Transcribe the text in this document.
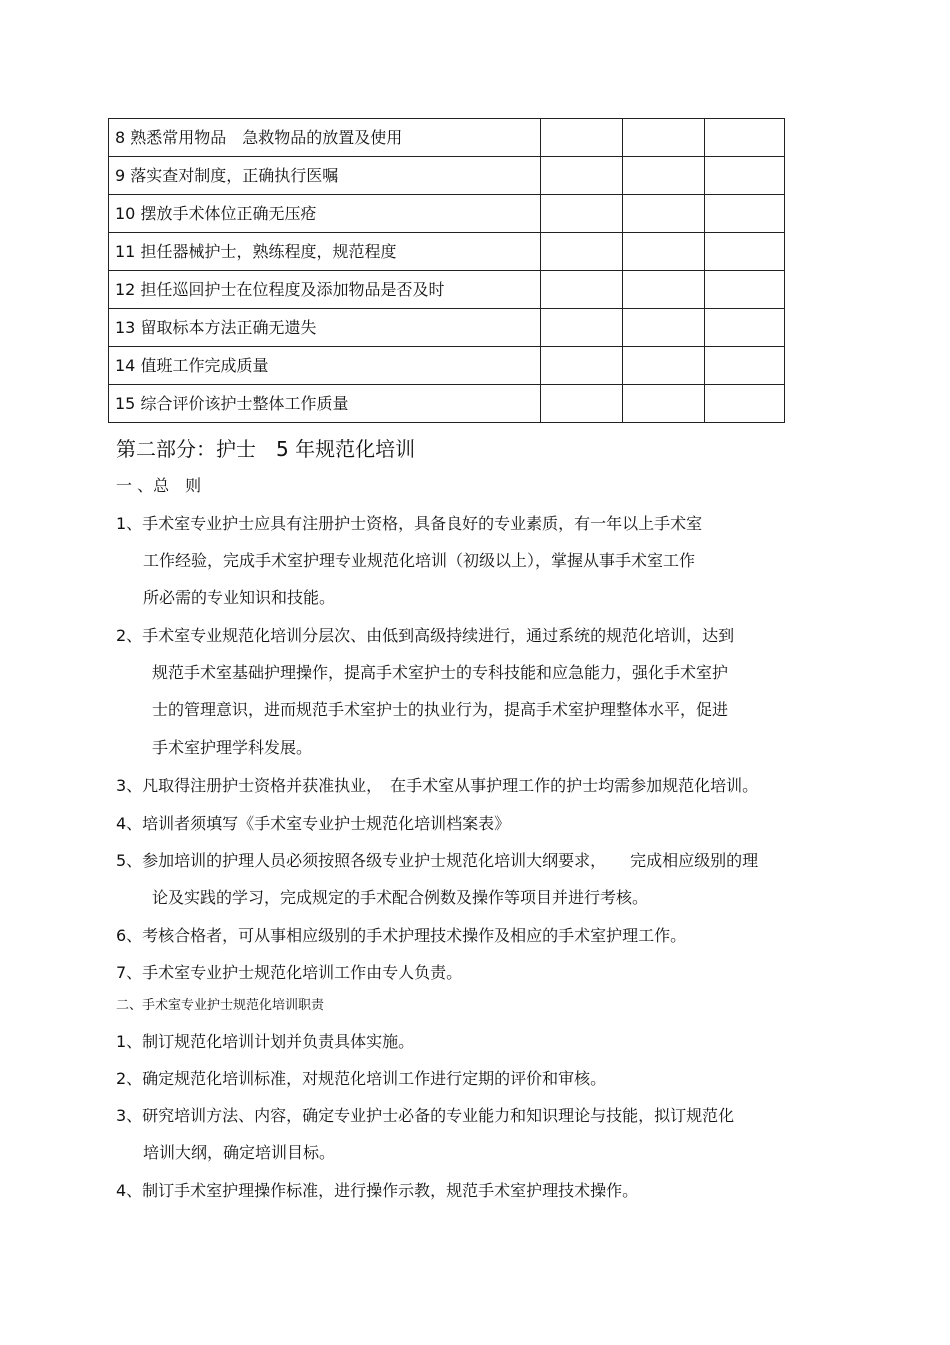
8 熟悉常用物品　急救物品的放置及使用			
9 落实查对制度，正确执行医嘱			
10 摆放手术体位正确无压疮			
11 担任器械护士，熟练程度，规范程度			
12 担任巡回护士在位程度及添加物品是否及时			
13 留取标本方法正确无遗失			
14 值班工作完成质量			
15 综合评价该护士整体工作质量			
第二部分：护士　5 年规范化培训
一 、总　则
1、手术室专业护士应具有注册护士资格，具备良好的专业素质，有一年以上手术室
工作经验，完成手术室护理专业规范化培训（初级以上），掌握从事手术室工作
所必需的专业知识和技能。
2、手术室专业规范化培训分层次、由低到高级持续进行，通过系统的规范化培训，达到
规范手术室基础护理操作，提高手术室护士的专科技能和应急能力，强化手术室护
士的管理意识，进而规范手术室护士的执业行为，提高手术室护理整体水平，促进
手术室护理学科发展。
3、凡取得注册护士资格并获准执业，　在手术室从事护理工作的护士均需参加规范化培训。
4、培训者须填写《手术室专业护士规范化培训档案表》
5、参加培训的护理人员必须按照各级专业护士规范化培训大纲要求，　　完成相应级别的理
论及实践的学习，完成规定的手术配合例数及操作等项目并进行考核。
6、考核合格者，可从事相应级别的手术护理技术操作及相应的手术室护理工作。
7、手术室专业护士规范化培训工作由专人负责。
二、手术室专业护士规范化培训职责
1、制订规范化培训计划并负责具体实施。
2、确定规范化培训标准，对规范化培训工作进行定期的评价和审核。
3、研究培训方法、内容，确定专业护士必备的专业能力和知识理论与技能，拟订规范化
培训大纲，确定培训目标。
4、制订手术室护理操作标准，进行操作示教，规范手术室护理技术操作。
